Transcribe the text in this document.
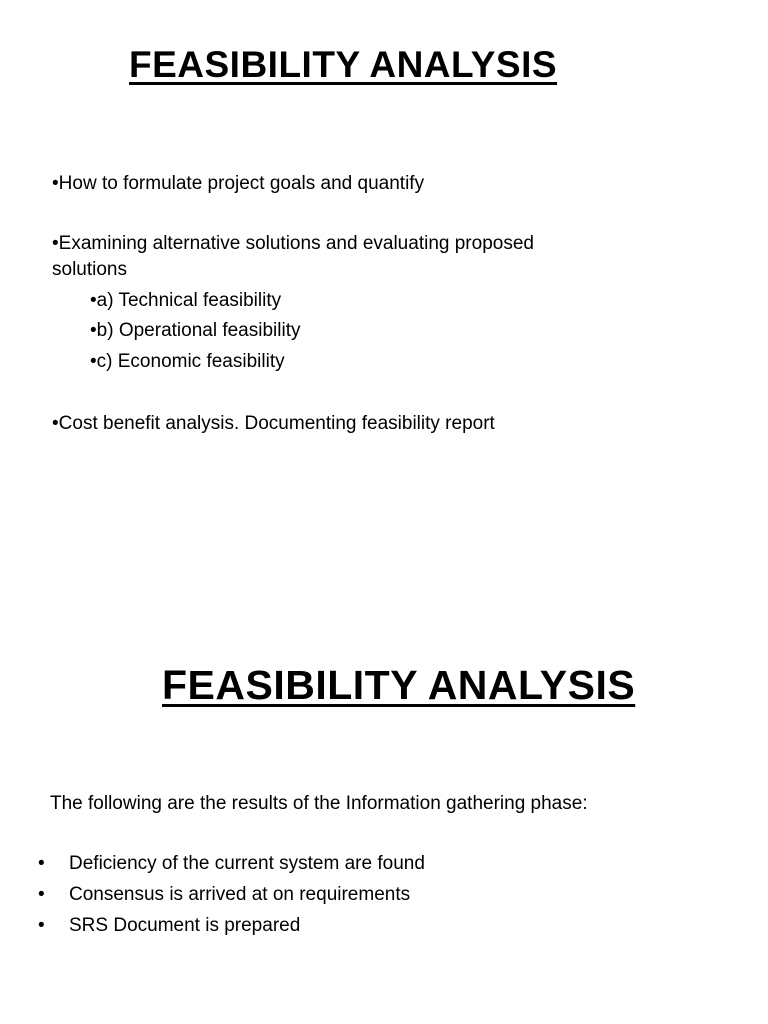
FEASIBILITY ANALYSIS

•How to formulate project goals and quantify

•Examining alternative solutions and evaluating proposed

solutions

•a) Technical feasibility

•b) Operational feasibility

•c) Economic feasibility

•Cost benefit analysis. Documenting feasibility report

FEASIBILITY ANALYSIS

The following are the results of the Information gathering phase:

• Deficiency of the current system are found
• Consensus is arrived at on requirements
• SRS Document is prepared
